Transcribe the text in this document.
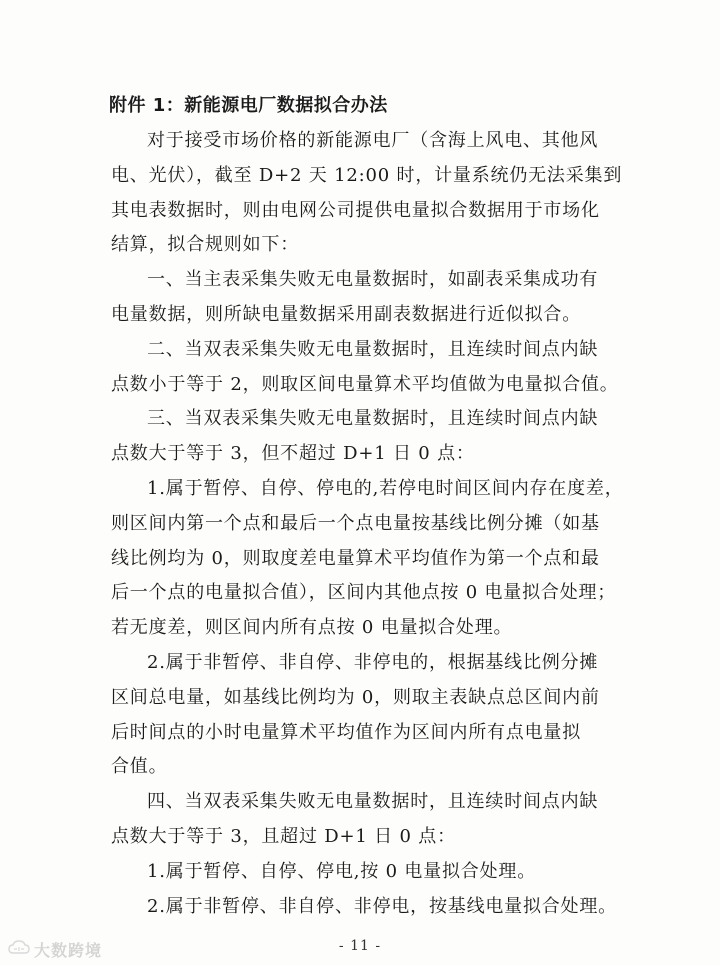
附件 1：新能源电厂数据拟合办法

对于接受市场价格的新能源电厂（含海上风电、其他风
电、光伏），截至 D+2 天 12:00 时，计量系统仍无法采集到
其电表数据时，则由电网公司提供电量拟合数据用于市场化
结算，拟合规则如下：

一、当主表采集失败无电量数据时，如副表采集成功有
电量数据，则所缺电量数据采用副表数据进行近似拟合。

二、当双表采集失败无电量数据时，且连续时间点内缺
点数小于等于 2，则取区间电量算术平均值做为电量拟合值。

三、当双表采集失败无电量数据时，且连续时间点内缺
点数大于等于 3，但不超过 D+1 日 0 点：

1.属于暂停、自停、停电的,若停电时间区间内存在度差，
则区间内第一个点和最后一个点电量按基线比例分摊（如基
线比例均为 0，则取度差电量算术平均值作为第一个点和最
后一个点的电量拟合值），区间内其他点按 0 电量拟合处理；
若无度差，则区间内所有点按 0 电量拟合处理。

2.属于非暂停、非自停、非停电的，根据基线比例分摊
区间总电量，如基线比例均为 0，则取主表缺点总区间内前
后时间点的小时电量算术平均值作为区间内所有点电量拟
合值。

四、当双表采集失败无电量数据时，且连续时间点内缺
点数大于等于 3，且超过 D+1 日 0 点：

1.属于暂停、自停、停电,按 0 电量拟合处理。

2.属于非暂停、非自停、非停电，按基线电量拟合处理。

大数跨境	- 11 -
